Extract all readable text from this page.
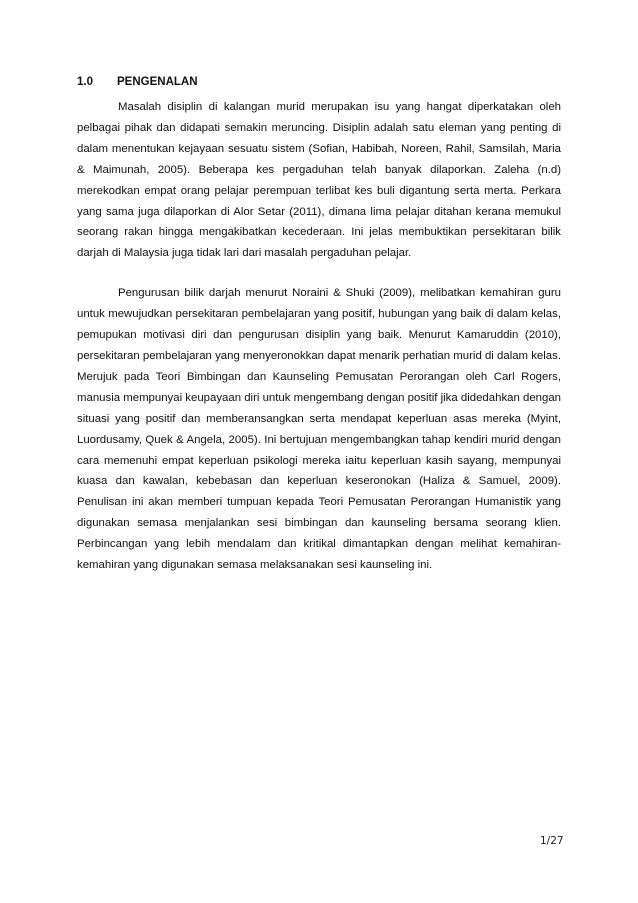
1.0 PENGENALAN

Masalah disiplin di kalangan murid merupakan isu yang hangat diperkatakan oleh pelbagai pihak dan didapati semakin meruncing. Disiplin adalah satu eleman yang penting di dalam menentukan kejayaan sesuatu sistem (Sofian, Habibah, Noreen, Rahil, Samsilah, Maria & Maimunah, 2005). Beberapa kes pergaduhan telah banyak dilaporkan. Zaleha (n.d) merekodkan empat orang pelajar perempuan terlibat kes buli digantung serta merta. Perkara yang sama juga dilaporkan di Alor Setar (2011), dimana lima pelajar ditahan kerana memukul seorang rakan hingga mengakibatkan kecederaan. Ini jelas membuktikan persekitaran bilik darjah di Malaysia juga tidak lari dari masalah pergaduhan pelajar.

Pengurusan bilik darjah menurut Noraini & Shuki (2009), melibatkan kemahiran guru untuk mewujudkan persekitaran pembelajaran yang positif, hubungan yang baik di dalam kelas, pemupukan motivasi diri dan pengurusan disiplin yang baik. Menurut Kamaruddin (2010), persekitaran pembelajaran yang menyeronokkan dapat menarik perhatian murid di dalam kelas. Merujuk pada Teori Bimbingan dan Kaunseling Pemusatan Perorangan oleh Carl Rogers, manusia mempunyai keupayaan diri untuk mengembang dengan positif jika didedahkan dengan situasi yang positif dan memberansangkan serta mendapat keperluan asas mereka (Myint, Luordusamy, Quek & Angela, 2005). Ini bertujuan mengembangkan tahap kendiri murid dengan cara memenuhi empat keperluan psikologi mereka iaitu keperluan kasih sayang, mempunyai kuasa dan kawalan, kebebasan dan keperluan keseronokan (Haliza & Samuel, 2009). Penulisan ini akan memberi tumpuan kepada Teori Pemusatan Perorangan Humanistik yang digunakan semasa menjalankan sesi bimbingan dan kaunseling bersama seorang klien. Perbincangan yang lebih mendalam dan kritikal dimantapkan dengan melihat kemahiran-kemahiran yang digunakan semasa melaksanakan sesi kaunseling ini.

1/27
